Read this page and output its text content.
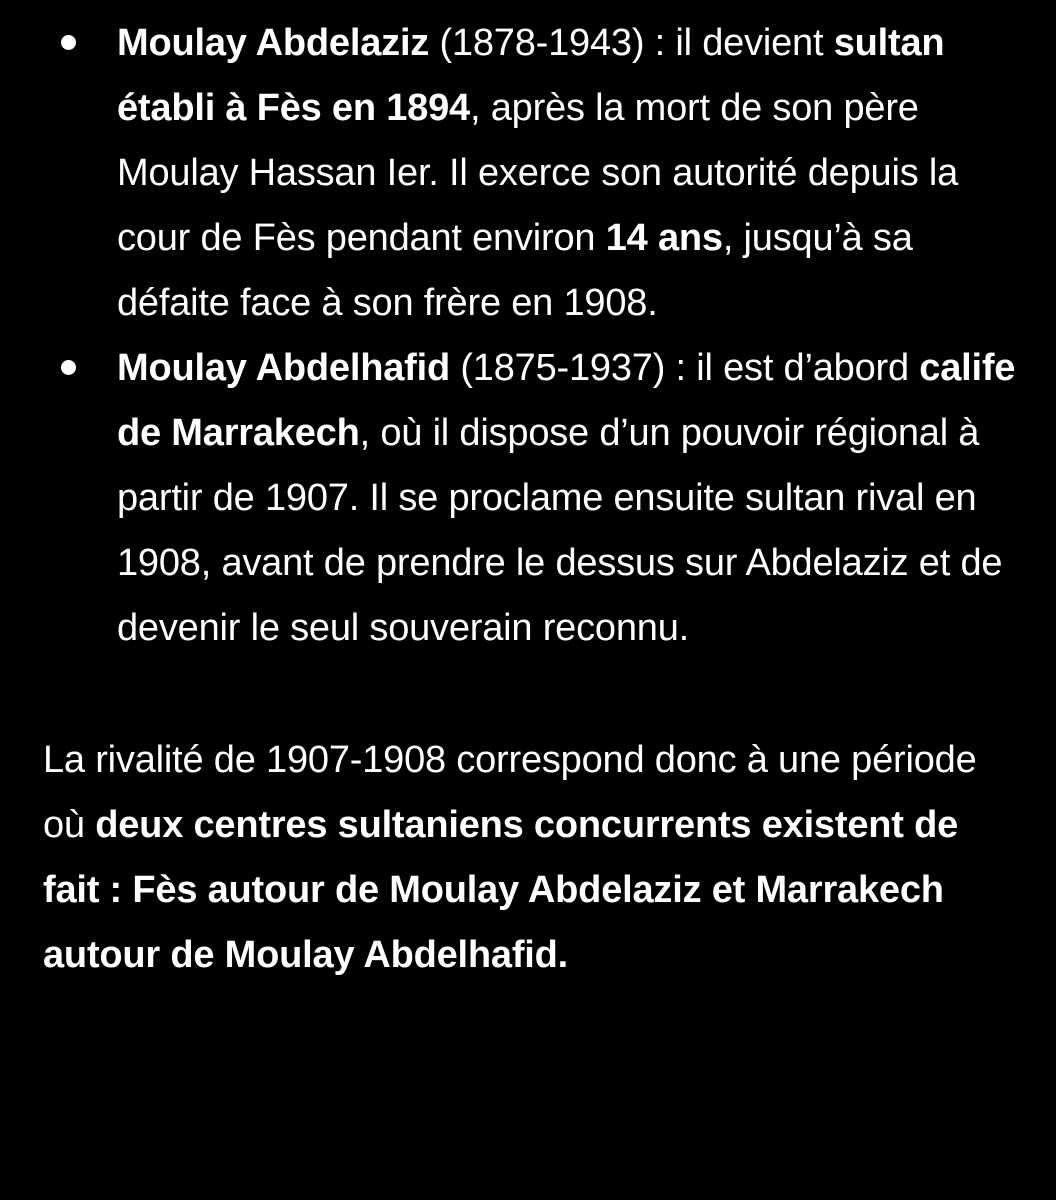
Moulay Abdelaziz (1878-1943) : il devient sultan établi à Fès en 1894, après la mort de son père Moulay Hassan Ier. Il exerce son autorité depuis la cour de Fès pendant environ 14 ans, jusqu’à sa défaite face à son frère en 1908.
Moulay Abdelhafid (1875-1937) : il est d’abord calife de Marrakech, où il dispose d’un pouvoir régional à partir de 1907. Il se proclame ensuite sultan rival en 1908, avant de prendre le dessus sur Abdelaziz et de devenir le seul souverain reconnu.

La rivalité de 1907-1908 correspond donc à une période où deux centres sultaniens concurrents existent de fait : Fès autour de Moulay Abdelaziz et Marrakech autour de Moulay Abdelhafid.
